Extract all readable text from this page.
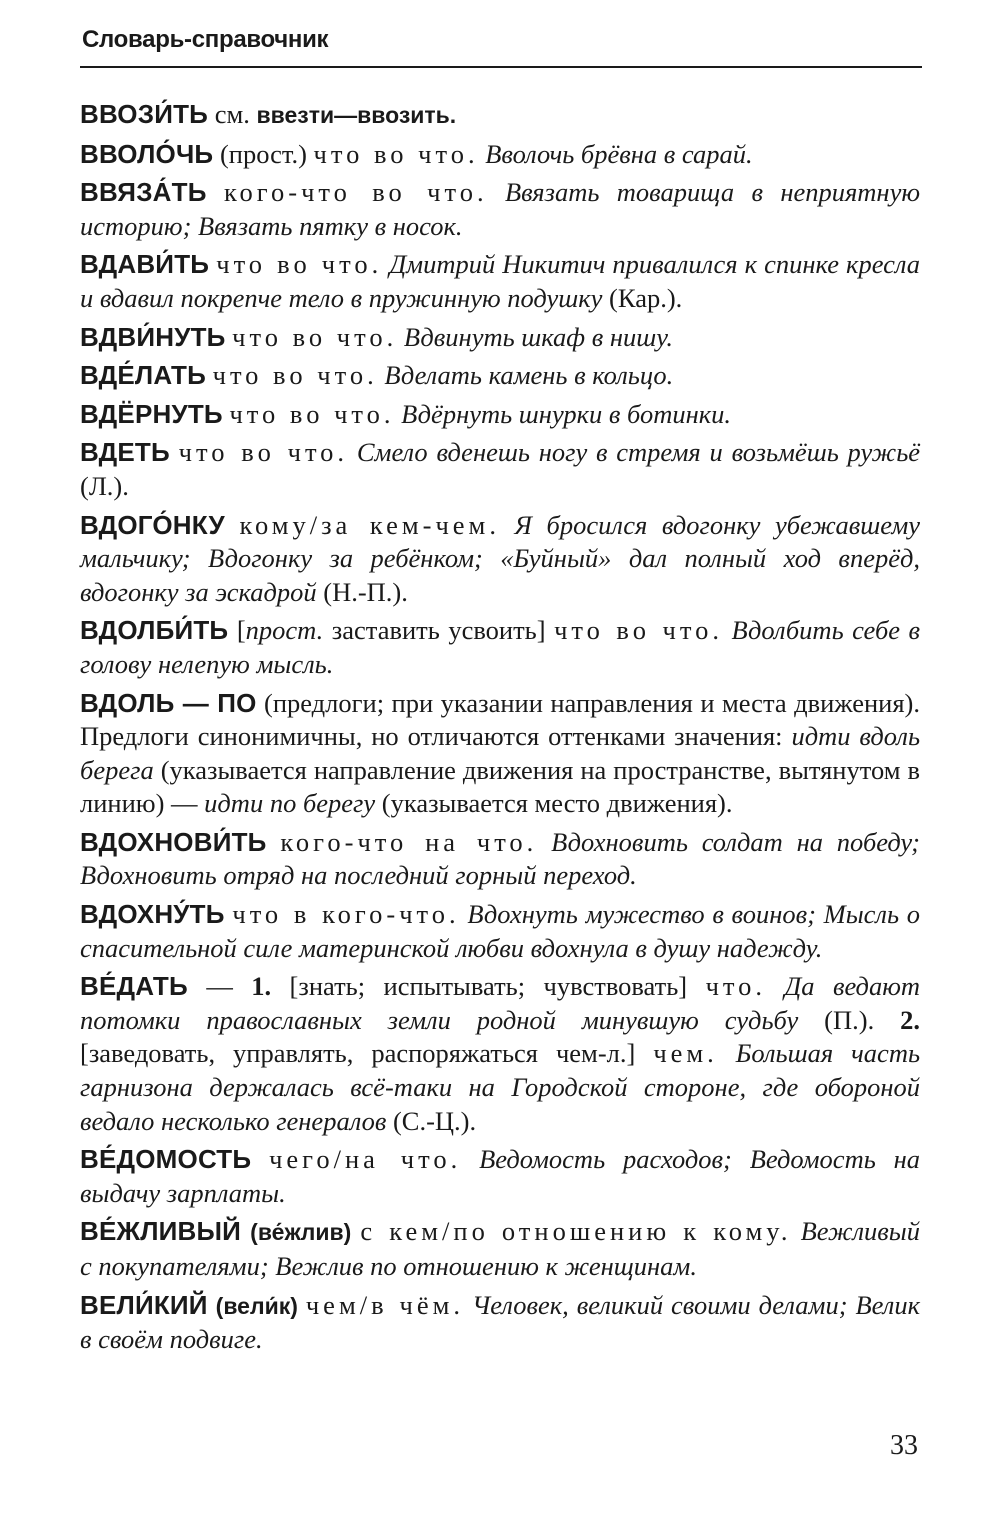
Словарь-справочник

ВВОЗИ́ТЬ см. ввезти—ввозить.

ВВОЛО́ЧЬ (прост.) что во что. Вволочь брёвна в сарай.

ВВЯЗА́ТЬ кого-что во что. Ввязать товарища в неприятную историю; Ввязать пятку в носок.

ВДАВИ́ТЬ что во что. Дмитрий Никитич привалился к спинке кресла и вдавил покрепче тело в пружинную подушку (Кар.).

ВДВИ́НУТЬ что во что. Вдвинуть шкаф в нишу.

ВДЕ́ЛАТЬ что во что. Вделать камень в кольцо.

ВДЁРНУТЬ что во что. Вдёрнуть шнурки в ботинки.

ВДЕТЬ что во что. Смело вденешь ногу в стремя и возьмёшь ружьё (Л.).

ВДОГО́НКУ кому/за кем-чем. Я бросился вдогонку убежавшему мальчику; Вдогонку за ребёнком; «Буйный» дал полный ход вперёд, вдогонку за эскадрой (Н.-П.).

ВДОЛБИ́ТЬ [прост. заставить усвоить] что во что. Вдолбить себе в голову нелепую мысль.

ВДОЛЬ — ПО (предлоги; при указании направления и места движения). Предлоги синонимичны, но отличаются оттенками значения: идти вдоль берега (указывается направление движения на пространстве, вытянутом в линию) — идти по берегу (указывается место движения).

ВДОХНОВИ́ТЬ кого-что на что. Вдохновить солдат на победу; Вдохновить отряд на последний горный переход.

ВДОХНУ́ТЬ что в кого-что. Вдохнуть мужество в воинов; Мысль о спасительной силе материнской любви вдохнула в душу надежду.

ВЕ́ДАТЬ — 1. [знать; испытывать; чувствовать] что. Да ведают потомки православных земли родной минувшую судьбу (П.). 2. [заведовать, управлять, распоряжаться чем-л.] чем. Большая часть гарнизона держалась всё-таки на Городской стороне, где обороной ведало несколько генералов (С.-Ц.).

ВЕ́ДОМОСТЬ чего/на что. Ведомость расходов; Ведомость на выдачу зарплаты.

ВЕ́ЖЛИВЫЙ (ве́жлив) с кем/по отношению к кому. Вежливый с покупателями; Вежлив по отношению к женщинам.

ВЕЛИ́КИЙ (вели́к) чем/в чём. Человек, великий своими делами; Велик в своём подвиге.

33
